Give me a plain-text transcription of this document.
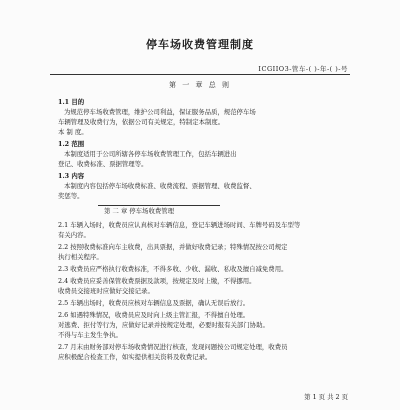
停车场收费管理制度
ICGIIO3-管车-( )-年-( )-号
第 一 章 总 则
1.1 目的
为规范停车场收费管理，维护公司利益，保证服务品质，规范停车场
车辆管理及收费行为，依据公司有关规定，特制定本制度。
本 制 度。
1.2 范围
本制度适用于公司所辖各停车场收费管理工作，包括车辆进出
登记、收费标准、票据管理等。
1.3 内容
本制度内容包括停车场收费标准、收费流程、票据管理、收费监督、
奖惩等。
第 二 章 停车场收费管理
2.1 车辆入场时，收费员应认真核对车辆信息，登记车辆进场时间、车牌号码及车型等
有关内容。
2.2 按照收费标准向车主收费，出具票据，并做好收费记录；特殊情况按公司规定
执行相关程序。
2.3 收费员应严格执行收费标准，不得多收、少收、漏收、私收及擅自减免费用。
2.4 收费员应妥善保管收费票据及款项，按规定及时上缴，不得挪用。
收费员交接班时应做好交接记录。
2.5 车辆出场时，收费员应核对车辆信息及票据，确认无误后放行。
2.6 如遇特殊情况，收费员应及时向上级主管汇报，不得擅自处理。
对逃费、拒付等行为，应做好记录并按规定处理，必要时报有关部门协助。
不得与车主发生争执。
2.7 月末由财务部对停车场收费情况进行核查，发现问题按公司规定处理，收费员
应积极配合检查工作，如实提供相关资料及收费记录。
第 1 页 共 2 页
